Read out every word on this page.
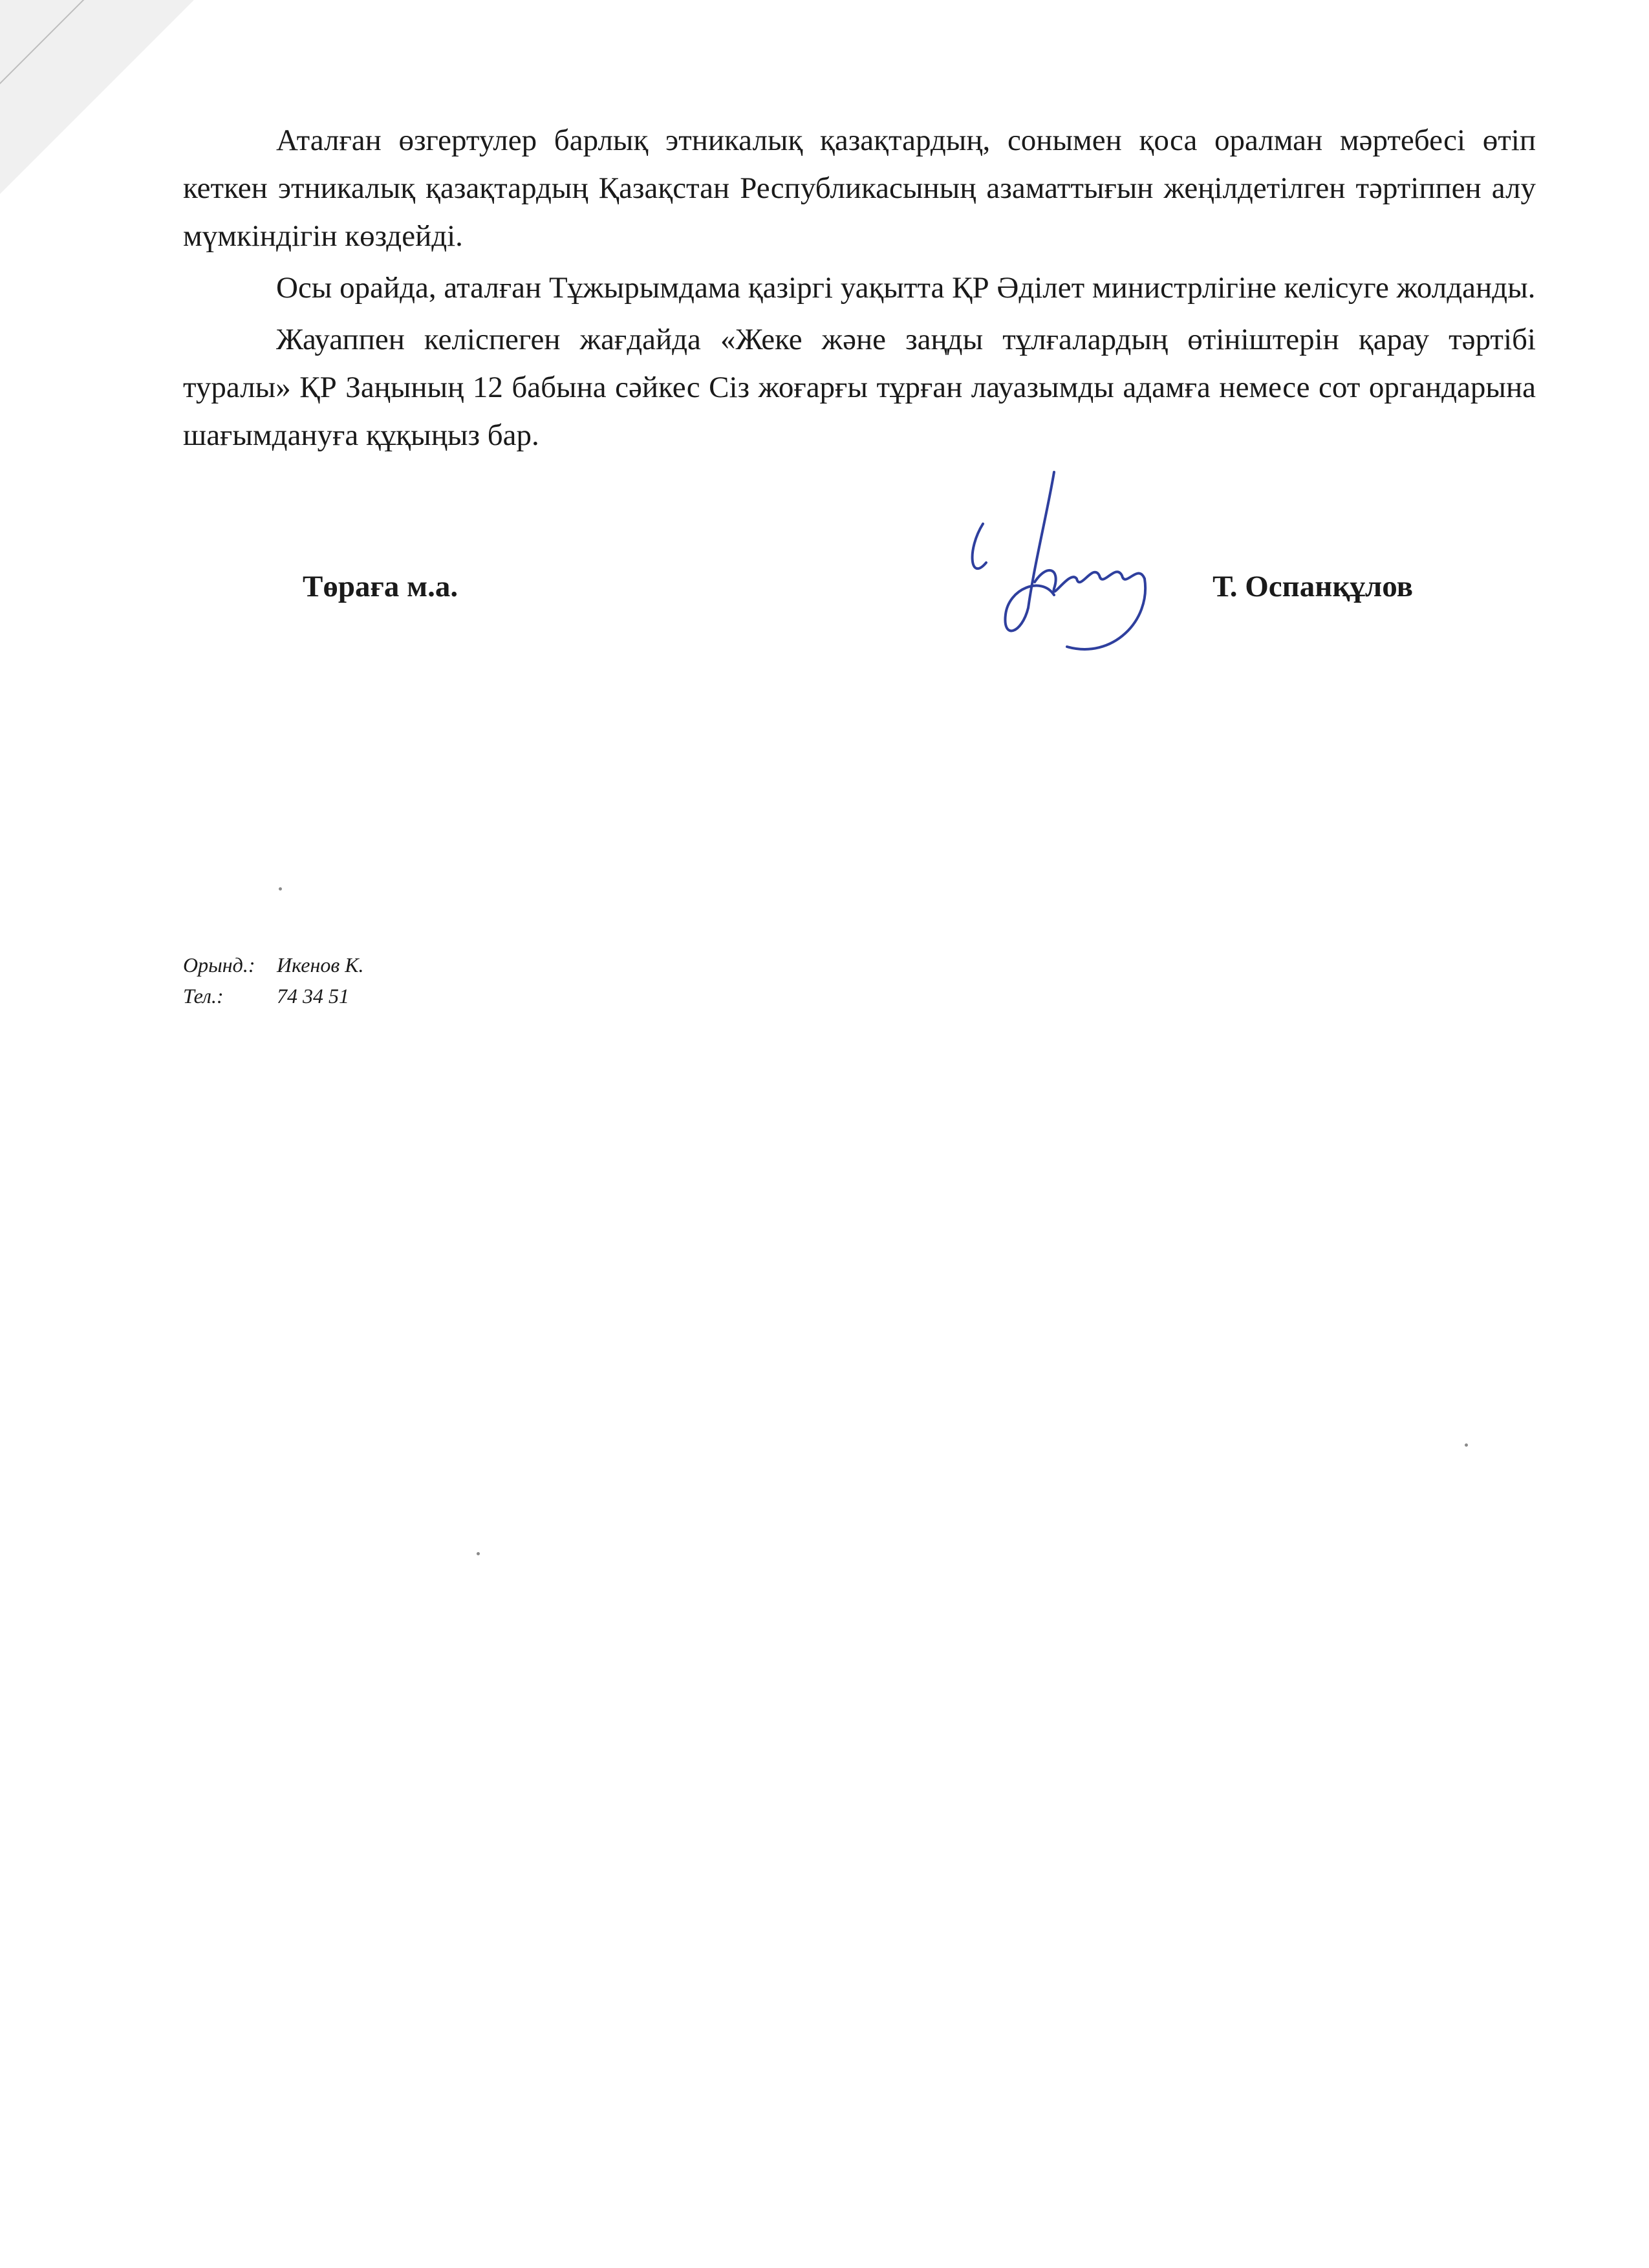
Аталған өзгертулер барлық этникалық қазақтардың, сонымен қоса оралман мәртебесі өтіп кеткен этникалық қазақтардың Қазақстан Республикасының азаматтығын жеңілдетілген тәртіппен алу мүмкіндігін көздейді.

Осы орайда, аталған Тұжырымдама қазіргі уақытта ҚР Әділет министрлігіне келісуге жолданды.

Жауаппен келіспеген жағдайда «Жеке және заңды тұлғалардың өтініштерін қарау тәртібі туралы» ҚР Заңының 12 бабына сәйкес Сіз жоғарғы тұрған лауазымды адамға немесе сот органдарына шағымдануға құқыңыз бар.

Төраға м.а.	Т. Оспанқұлов
Орынд.:	Икенов К.
Тел.:	74 34 51
